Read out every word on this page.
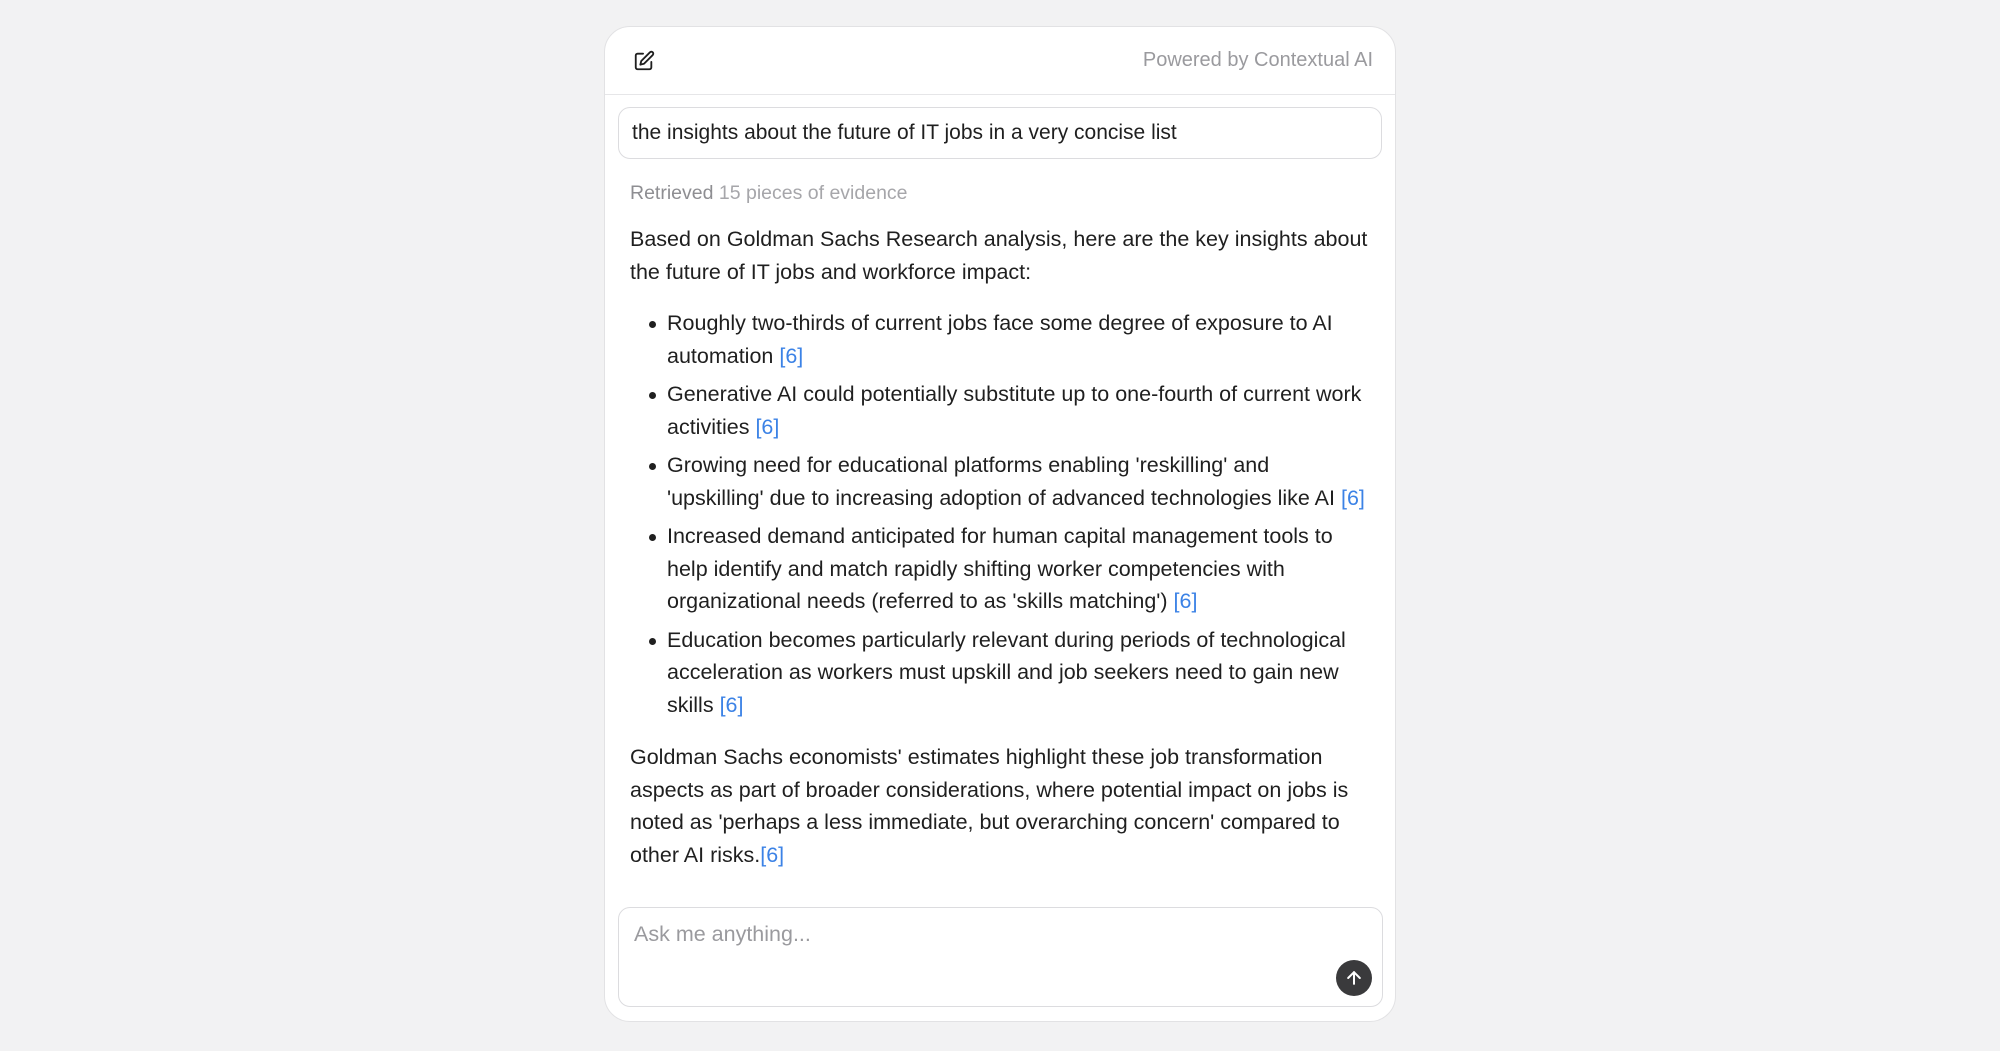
Powered by Contextual AI
the insights about the future of IT jobs in a very concise list
Retrieved 15 pieces of evidence

Based on Goldman Sachs Research analysis, here are the key insights about the future of IT jobs and workforce impact:

Roughly two-thirds of current jobs face some degree of exposure to AI automation [6]
Generative AI could potentially substitute up to one-fourth of current work activities [6]
Growing need for educational platforms enabling 'reskilling' and 'upskilling' due to increasing adoption of advanced technologies like AI [6]
Increased demand anticipated for human capital management tools to help identify and match rapidly shifting worker competencies with organizational needs (referred to as 'skills matching') [6]
Education becomes particularly relevant during periods of technological acceleration as workers must upskill and job seekers need to gain new skills [6]

Goldman Sachs economists' estimates highlight these job transformation aspects as part of broader considerations, where potential impact on jobs is noted as 'perhaps a less immediate, but overarching concern' compared to other AI risks.[6]

Ask me anything...
